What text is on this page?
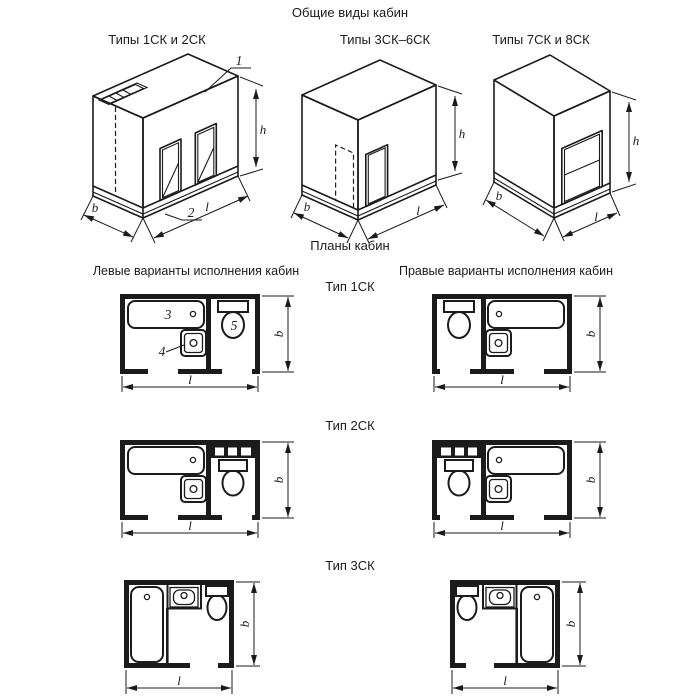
Общие виды кабин
Типы 1СК и 2СК	Типы 3СК–6СК	Типы 7СК и 8СК
1
2
h
l
b
h
l
b
h
l
b
Планы кабин
Левые варианты исполнения кабин	Правые варианты исполнения кабин
Тип 1СК
3
4
5
l
b
l
b
Тип 2СК
l
b
l
b
Тип 3СК
l
b
l
b
